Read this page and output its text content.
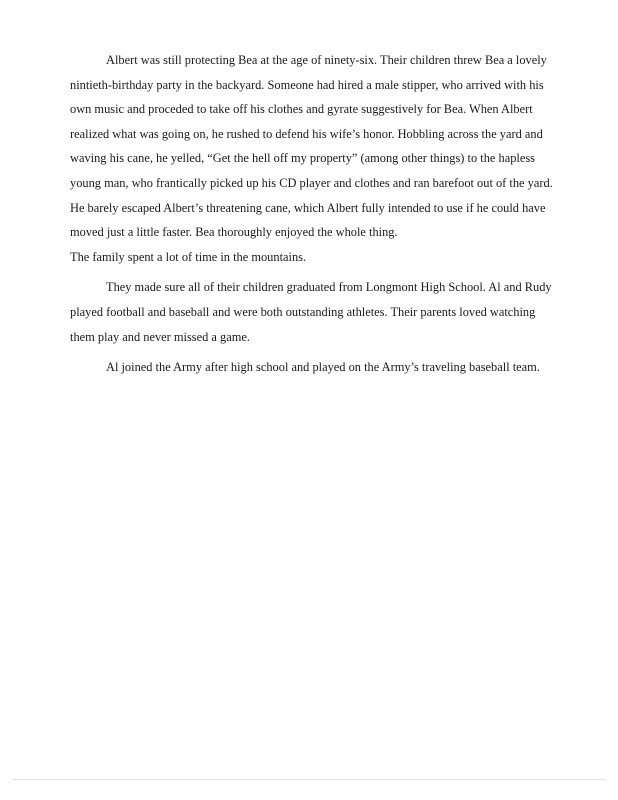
Albert was still protecting Bea at the age of ninety-six. Their children threw Bea a lovely nintieth-birthday party in the backyard. Someone had hired a male stipper, who arrived with his own music and proceded to take off his clothes and gyrate suggestively for Bea. When Albert realized what was going on, he rushed to defend his wife’s honor. Hobbling across the yard and waving his cane, he yelled, “Get the hell off my property” (among other things) to the hapless young man, who frantically picked up his CD player and clothes and ran barefoot out of the yard. He barely escaped Albert’s threatening cane, which Albert fully intended to use if he could have moved just a little faster. Bea thoroughly enjoyed the whole thing.

The family spent a lot of time in the mountains.

They made sure all of their children graduated from Longmont High School. Al and Rudy played football and baseball and were both outstanding athletes. Their parents loved watching them play and never missed a game.

Al joined the Army after high school and played on the Army’s traveling baseball team.
